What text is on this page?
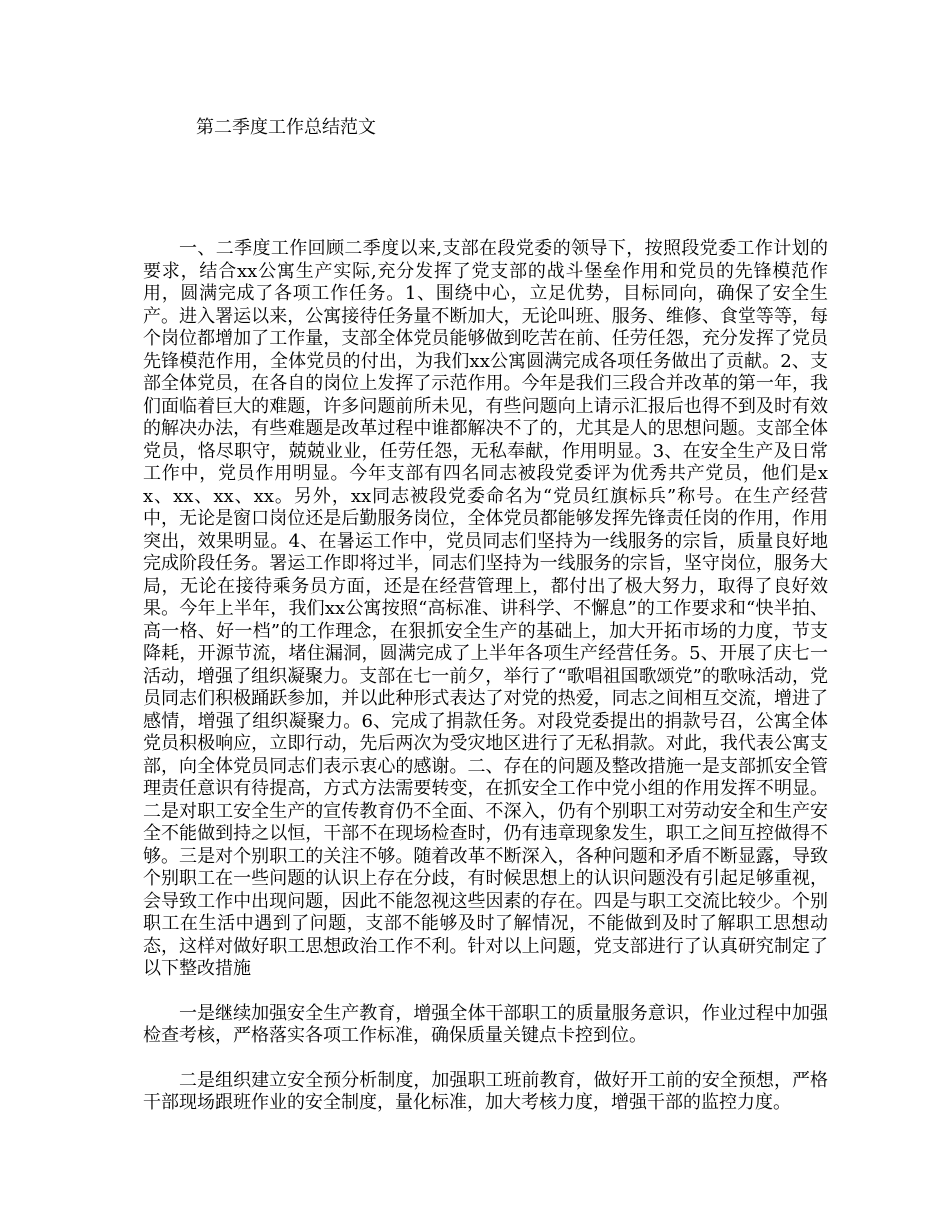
第二季度工作总结范文

一、二季度工作回顾二季度以来,支部在段党委的领导下，按照段党委工作计划的要求，结合xx公寓生产实际,充分发挥了党支部的战斗堡垒作用和党员的先锋模范作用，圆满完成了各项工作任务。1、围绕中心，立足优势，目标同向，确保了安全生产。进入署运以来，公寓接待任务量不断加大，无论叫班、服务、维修、食堂等等，每个岗位都增加了工作量，支部全体党员能够做到吃苦在前、任劳任怨，充分发挥了党员先锋模范作用，全体党员的付出，为我们xx公寓圆满完成各项任务做出了贡献。2、支部全体党员，在各自的岗位上发挥了示范作用。今年是我们三段合并改革的第一年，我们面临着巨大的难题，许多问题前所未见，有些问题向上请示汇报后也得不到及时有效的解决办法，有些难题是改革过程中谁都解决不了的，尤其是人的思想问题。支部全体党员，恪尽职守，兢兢业业，任劳任怨，无私奉献，作用明显。3、在安全生产及日常工作中，党员作用明显。今年支部有四名同志被段党委评为优秀共产党员，他们是xx、xx、xx、xx。另外，xx同志被段党委命名为“党员红旗标兵”称号。在生产经营中，无论是窗口岗位还是后勤服务岗位，全体党员都能够发挥先锋责任岗的作用，作用突出，效果明显。4、在暑运工作中，党员同志们坚持为一线服务的宗旨，质量良好地完成阶段任务。署运工作即将过半，同志们坚持为一线服务的宗旨，坚守岗位，服务大局，无论在接待乘务员方面，还是在经营管理上，都付出了极大努力，取得了良好效果。今年上半年，我们xx公寓按照“高标准、讲科学、不懈息”的工作要求和“快半拍、高一格、好一档”的工作理念，在狠抓安全生产的基础上，加大开拓市场的力度，节支降耗，开源节流，堵住漏洞，圆满完成了上半年各项生产经营任务。5、开展了庆七一活动，增强了组织凝聚力。支部在七一前夕，举行了“歌唱祖国歌颂党”的歌咏活动，党员同志们积极踊跃参加，并以此种形式表达了对党的热爱，同志之间相互交流，增进了感情，增强了组织凝聚力。6、完成了捐款任务。对段党委提出的捐款号召，公寓全体党员积极响应，立即行动，先后两次为受灾地区进行了无私捐款。对此，我代表公寓支部，向全体党员同志们表示衷心的感谢。二、存在的问题及整改措施一是支部抓安全管理责任意识有待提高，方式方法需要转变，在抓安全工作中党小组的作用发挥不明显。二是对职工安全生产的宣传教育仍不全面、不深入，仍有个别职工对劳动安全和生产安全不能做到持之以恒，干部不在现场检查时，仍有违章现象发生，职工之间互控做得不够。三是对个别职工的关注不够。随着改革不断深入，各种问题和矛盾不断显露，导致个别职工在一些问题的认识上存在分歧，有时候思想上的认识问题没有引起足够重视，会导致工作中出现问题，因此不能忽视这些因素的存在。四是与职工交流比较少。个别职工在生活中遇到了问题，支部不能够及时了解情况，不能做到及时了解职工思想动态，这样对做好职工思想政治工作不利。针对以上问题，党支部进行了认真研究制定了以下整改措施

一是继续加强安全生产教育，增强全体干部职工的质量服务意识，作业过程中加强检查考核，严格落实各项工作标准，确保质量关键点卡控到位。

二是组织建立安全预分析制度，加强职工班前教育，做好开工前的安全预想，严格干部现场跟班作业的安全制度，量化标准，加大考核力度，增强干部的监控力度。
